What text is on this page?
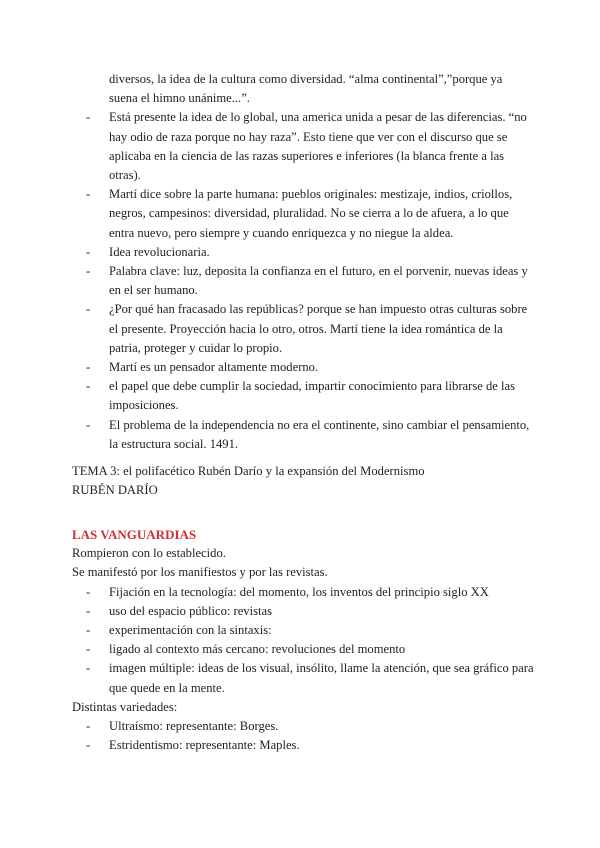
diversos, la idea de la cultura como diversidad. “alma continental”,”porque ya suena el himno unánime...”.
- Está presente la idea de lo global, una america unida a pesar de las diferencias. “no hay odio de raza porque no hay raza”. Esto tiene que ver con el discurso que se aplicaba en la ciencia de las razas superiores e inferiores (la blanca frente a las otras).
- Martí dice sobre la parte humana: pueblos originales: mestizaje, indios, criollos, negros, campesinos: diversidad, pluralidad. No se cierra a lo de afuera, a lo que entra nuevo, pero siempre y cuando enriquezca y no niegue la aldea.
- Idea revolucionaria.
- Palabra clave: luz, deposita la confianza en el futuro, en el porvenir, nuevas ideas y en el ser humano.
- ¿Por qué han fracasado las repúblicas? porque se han impuesto otras culturas sobre el presente. Proyección hacia lo otro, otros. Martí tiene la idea romántica de la patria, proteger y cuidar lo propio.
- Martí es un pensador altamente moderno.
- el papel que debe cumplir la sociedad, impartir conocimiento para librarse de las imposiciones.
- El problema de la independencia no era el continente, sino cambiar el pensamiento, la estructura social. 1491.
TEMA 3: el polifacético Rubén Darío y la expansión del Modernismo
RUBÉN DARÍO
LAS VANGUARDIAS
Rompieron con lo establecido.
Se manifestó por los manifiestos y por las revistas.
- Fijación en la tecnología: del momento, los inventos del principio siglo XX
- uso del espacio público: revistas
- experimentación con la sintaxis:
- ligado al contexto más cercano: revoluciones del momento
- imagen múltiple: ideas de los visual, insólito, llame la atención, que sea gráfico para que quede en la mente.
Distintas variedades:
- Ultraísmo: representante: Borges.
- Estridentismo: representante: Maples.
